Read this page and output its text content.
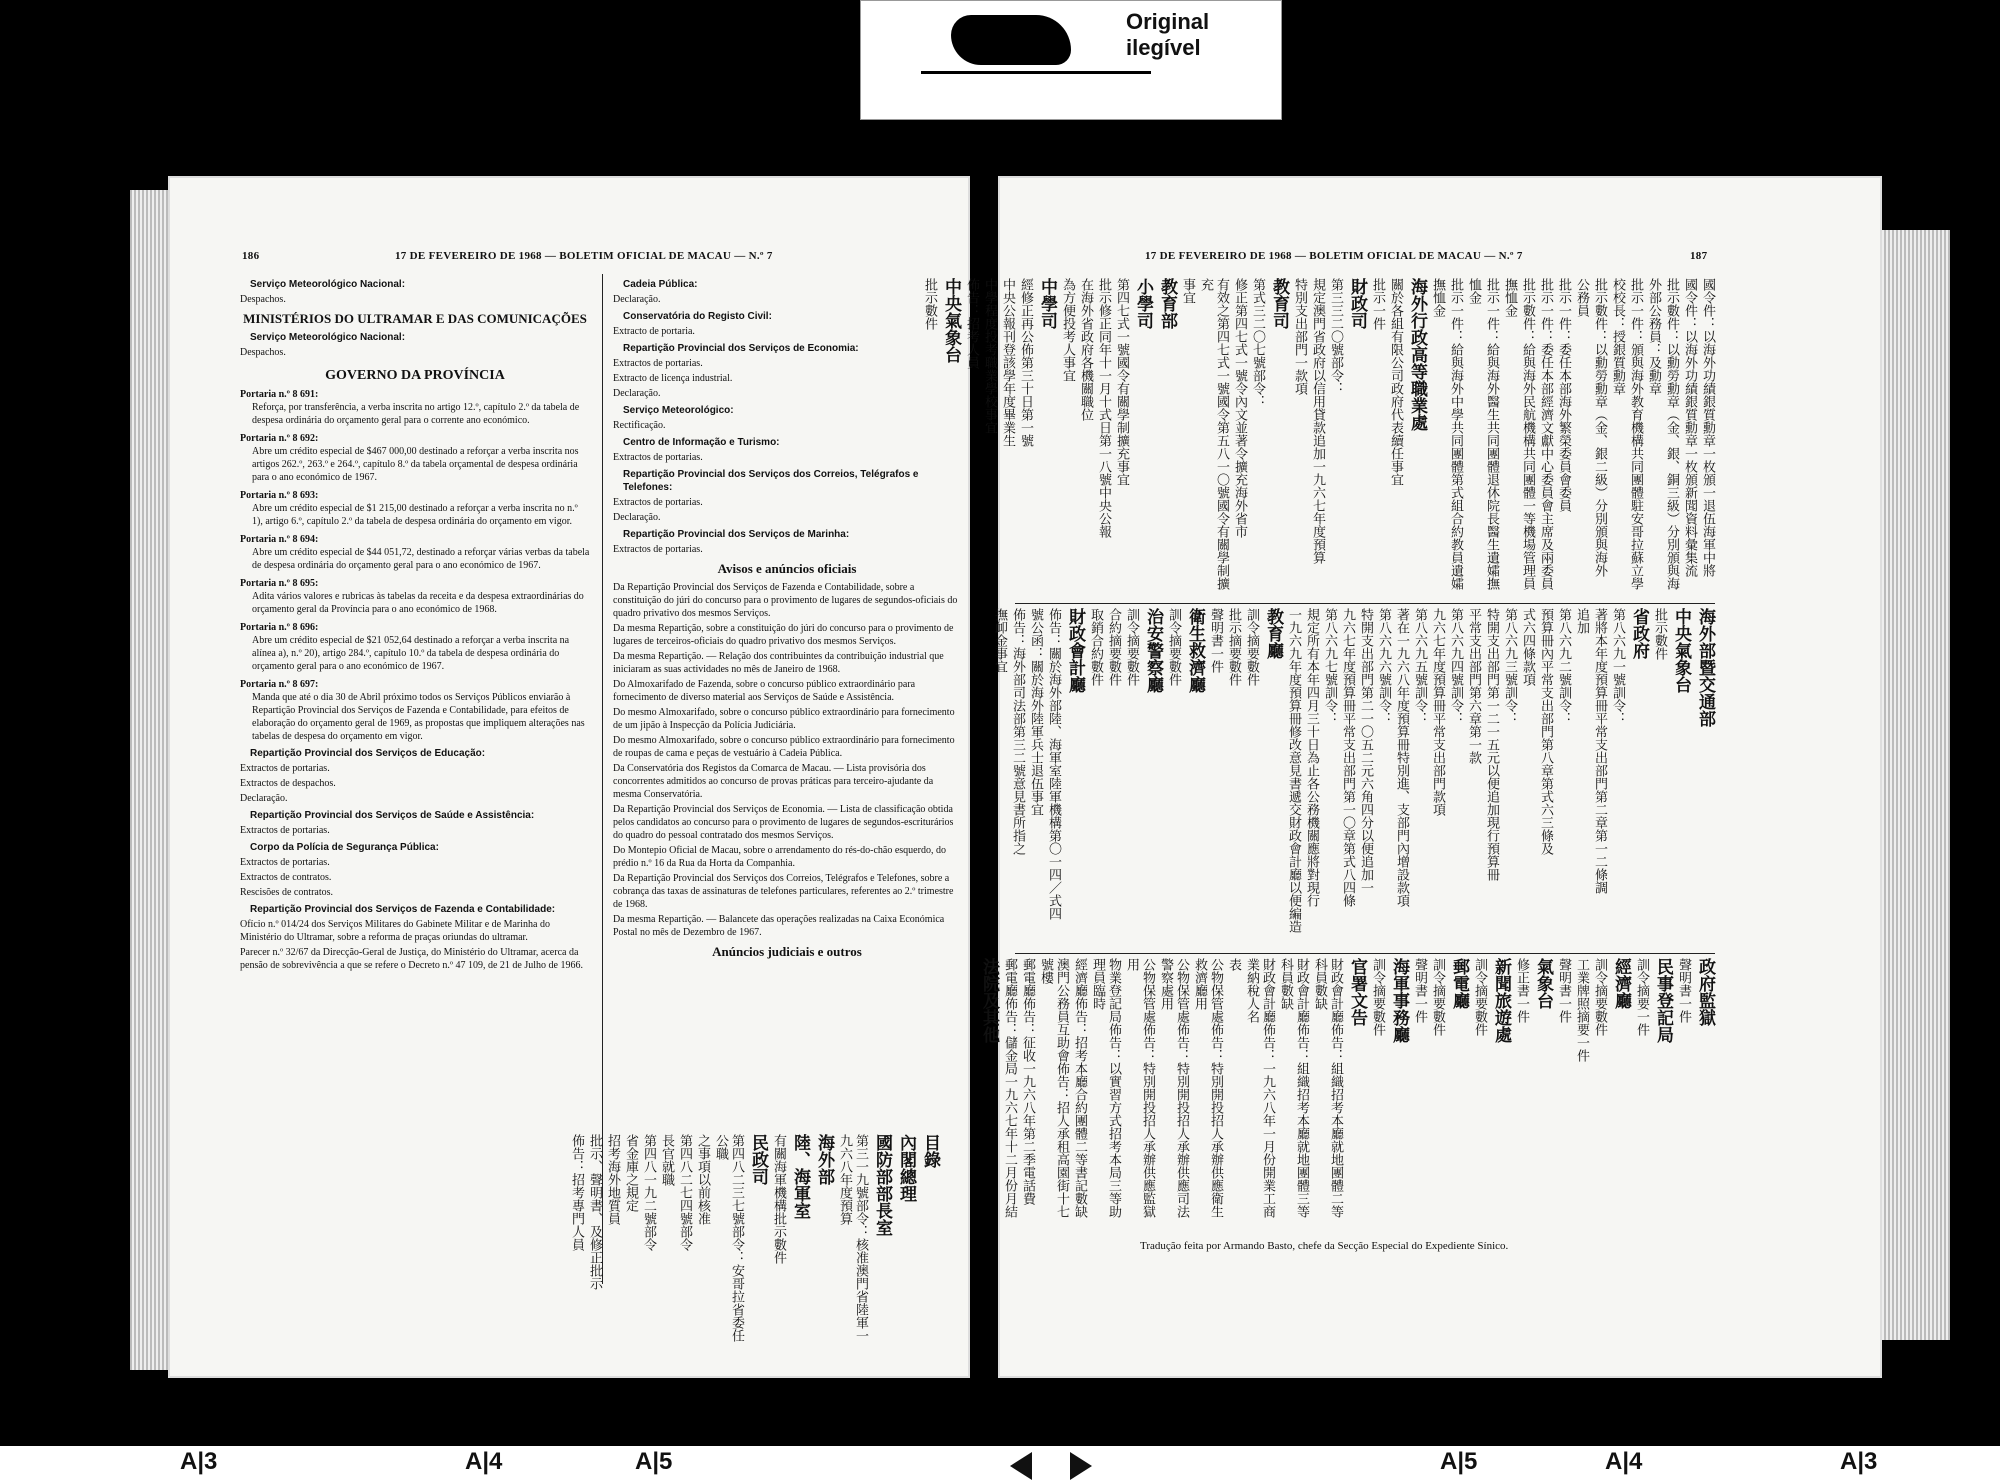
Original ilegível
186	17 DE FEVEREIRO DE 1968 — BOLETIM OFICIAL DE MACAU — N.º 7
Serviço Meteorológico Nacional:
Despachos.
MINISTÉRIOS DO ULTRAMAR E DAS COMUNICAÇÕES
Serviço Meteorológico Nacional:
Despachos.
GOVERNO DA PROVÍNCIA
Portaria n.º 8 691:
Reforça, por transferência, a verba inscrita no artigo 12.º, capítulo 2.º da tabela de despesa ordinária do orçamento geral para o corrente ano económico.
Portaria n.º 8 692:
Abre um crédito especial de $467 000,00 destinado a reforçar a verba inscrita nos artigos 262.º, 263.º e 264.º, capítulo 8.º da tabela orçamental de despesa ordinária para o ano económico de 1967.
Portaria n.º 8 693:
Abre um crédito especial de $1 215,00 destinado a reforçar a verba inscrita no n.º 1), artigo 6.º, capítulo 2.º da tabela de despesa ordinária do orçamento em vigor.
Portaria n.º 8 694:
Abre um crédito especial de $44 051,72, destinado a reforçar várias verbas da tabela de despesa ordinária do orçamento geral para o ano económico de 1967.
Portaria n.º 8 695:
Adita vários valores e rubricas às tabelas da receita e da despesa extraordinárias do orçamento geral da Província para o ano económico de 1968.
Portaria n.º 8 696:
Abre um crédito especial de $21 052,64 destinado a reforçar a verba inscrita na alínea a), n.º 20), artigo 284.º, capítulo 10.º da tabela de despesa ordinária do orçamento geral para o ano económico de 1967.
Portaria n.º 8 697:
Manda que até o dia 30 de Abril próximo todos os Serviços Públicos enviarão à Repartição Provincial dos Serviços de Fazenda e Contabilidade, para efeitos de elaboração do orçamento geral de 1969, as propostas que impliquem alterações nas tabelas de despesa do orçamento em vigor.
Repartição Provincial dos Serviços de Educação:
Extractos de portarias.
Extractos de despachos.
Declaração.
Repartição Provincial dos Serviços de Saúde e Assistência:
Extractos de portarias.
Corpo da Polícia de Segurança Pública:
Extractos de portarias.
Extractos de contratos.
Rescisões de contratos.
Repartição Provincial dos Serviços de Fazenda e Contabilidade:
Ofício n.º 014/24 dos Serviços Militares do Gabinete Militar e de Marinha do Ministério do Ultramar, sobre a reforma de praças oriundas do ultramar.
Parecer n.º 32/67 da Direcção-Geral de Justiça, do Ministério do Ultramar, acerca da pensão de sobrevivência a que se refere o Decreto n.º 47 109, de 21 de Julho de 1966.
Cadeia Pública:
Declaração.
Conservatória do Registo Civil:
Extracto de portaria.
Repartição Provincial dos Serviços de Economia:
Extractos de portarias.
Extracto de licença industrial.
Declaração.
Serviço Meteorológico:
Rectificação.
Centro de Informação e Turismo:
Extractos de portarias.
Repartição Provincial dos Serviços dos Correios, Telégrafos e Telefones:
Extractos de portarias.
Declaração.
Repartição Provincial dos Serviços de Marinha:
Extractos de portarias.
Avisos e anúncios oficiais
Da Repartição Provincial dos Serviços de Fazenda e Contabilidade, sobre a constituição do júri do concurso para o provimento de lugares de segundos-oficiais do quadro privativo dos mesmos Serviços.
Da mesma Repartição, sobre a constituição do júri do concurso para o provimento de lugares de terceiros-oficiais do quadro privativo dos mesmos Serviços.
Da mesma Repartição. — Relação dos contribuintes da contribuição industrial que iniciaram as suas actividades no mês de Janeiro de 1968.
Do Almoxarifado de Fazenda, sobre o concurso público extraordinário para fornecimento de diverso material aos Serviços de Saúde e Assistência.
Do mesmo Almoxarifado, sobre o concurso público extraordinário para fornecimento de um jipão à Inspecção da Polícia Judiciária.
Do mesmo Almoxarifado, sobre o concurso público extraordinário para fornecimento de roupas de cama e peças de vestuário à Cadeia Pública.
Da Conservatória dos Registos da Comarca de Macau. — Lista provisória dos concorrentes admitidos ao concurso de provas práticas para terceiro-ajudante da mesma Conservatória.
Da Repartição Provincial dos Serviços de Economia. — Lista de classificação obtida pelos candidatos ao concurso para o provimento de lugares de segundos-escriturários do quadro do pessoal contratado dos mesmos Serviços.
Do Montepio Oficial de Macau, sobre o arrendamento do rés-do-chão esquerdo, do prédio n.º 16 da Rua da Horta da Companhia.
Da Repartição Provincial dos Serviços dos Correios, Telégrafos e Telefones, sobre a cobrança das taxas de assinaturas de telefones particulares, referentes ao 2.º trimestre de 1968.
Da mesma Repartição. — Balancete das operações realizadas na Caixa Económica Postal no mês de Dezembro de 1967.
Anúncios judiciais e outros
目錄
內閣總理
國防部部長室
第三一九號部令：核准澳門省陸軍一九六八年度預算
海外部
陸、海軍室
有關海軍機構批示數件
民政司
第四八二三七號部令：安哥拉省委任公職
之事項以前核准
第四八二七四號部令
長官就職
第四八一九二號部令
省金庫之規定
招考海外地質員
批示、聲明書、及修正批示
佈告：招考專門人員
17 DE FEVEREIRO DE 1968 — BOLETIM OFICIAL DE MACAU — N.º 7	187
國令件：以海外功績銀質勳章一枚頒一退伍海軍中將
國令件：以海外功績銀質勳章一枚頒新聞資料彙集流
批示數件：以勳勞勳章（金、銀、銅三級）分別頒與海
外部公務員：及勳章
批示一件：頒與海外教育機構共同團體駐安哥拉蘇立學
校校長：授銀質勳章
批示數件：以勳勞勳章（金、銀二級）分別頒與海外
公務員
批示一件：委任本部海外繁榮委員會委員
批示一件：委任本部經濟文獻中心委員會主席及兩委員
批示數件：給與海外民航機構共同團體一等機場管理員
撫恤金
批示一件：給與海外醫生共同團體退休院長醫生遺孀撫
恤金
批示一件：給與海外中學共同團體第式組合約教員遺孀
撫恤金
海外行政高等職業處
關於各組有限公司政府代表續任事宜
批示一件
財政司
第三三二〇號部令：
規定澳門省政府以信用貸款追加一九六七年度預算
特別支出部門一款項
教育司
第式三二〇七號部令：
修正第四七式一號令內文並著令擴充海外省市
有效之第四七式一號國令第五八一〇號國令有關學制擴充
事宜
教育部
小學司
第四七式一號國令有關學制擴充事宜
批示修正同年十一月十式日第一八號中央公報
在海外省政府各機關職位
為方便投考人事宜
中學司
經修正再公佈第三十日第一號
中央公報刊登該學年度畢業生
中學程度投考職業學校事宜
佈告：招考人員
中央氣象台
批示數件
海外部暨交通部
中央氣象台
批示數件
省政府
第八六九一號訓令：
著將本年度預算冊平常支出部門第二章第一二條調
追加
第八六九二號訓令：
預算冊內平常支出部門第八章第式六三條及
式六四條款項
第八六九三號訓令：
特開支出部門第一二一五元以便追加現行預算冊
平常支出部門第六章第一款
第八六九四號訓令：
九六七年度預算冊平常支出部門款項
第八六九五號訓令：
著在一九六八年度預算冊特別進、支部門內增設款項
第八六九六號訓令：
特開支出部門第二一〇五二元六角四分以便追加一
九六七年度預算冊平常支出部門第一〇章第式八四條
第八六九七號訓令：
規定所有本年四月三十日為止各公務機關應將對現行
一九六九年度預算冊修改意見書遞交財政會計廳以便編造
教育廳
訓令摘要數件
批示摘要數件
聲明書一件
衛生救濟廳
訓令摘要數件
治安警察廳
訓令摘要數件
合約摘要數件
取銷合約數件
財政會計廳
佈告：關於海外部陸、海軍室陸軍機構第〇一四／式四
號公函：關於海外陸軍兵士退伍事宜
佈告：海外部司法部第三二號意見書所指之
撫卹金事宜
政府監獄
聲明書一件
民事登記局
訓令摘要一件
經濟廳
訓令摘要數件
工業牌照摘要一件
聲明書一件
氣象台
修正書一件
新聞旅遊處
訓令摘要數件
郵電廳
訓令摘要數件
聲明書一件
海軍事務廳
訓令摘要數件
官署文告
財政會計廳佈告：組織招考本廳就地團體二等科員數缺
財政會計廳佈告：組織招考本廳就地團體三等科員數缺
財政會計廳佈告：一九六八年一月份開業工商業納稅人名
表
公物保管處佈告：特別開投招人承辦供應衛生救濟廳用
公物保管處佈告：特別開投招人承辦供應司法警察處用
公物保管處佈告：特別開投招人承辦供應監獄用
物業登記局佈告：以實習方式招考本局三等助理員臨時
經濟廳佈告：招考本廳合約團體二等書記數缺
澳門公務員互助會佈告：招人承租高園街十七號樓
郵電廳佈告：征收一九六八年第二季電話費
郵電廳佈告：儲金局一九六七年十二月份月結
法院及其他
Tradução feita por Armando Basto, chefe da Secção Especial do Expediente Sínico.
A|3	A|4	A|5	A|5	A|4	A|3
